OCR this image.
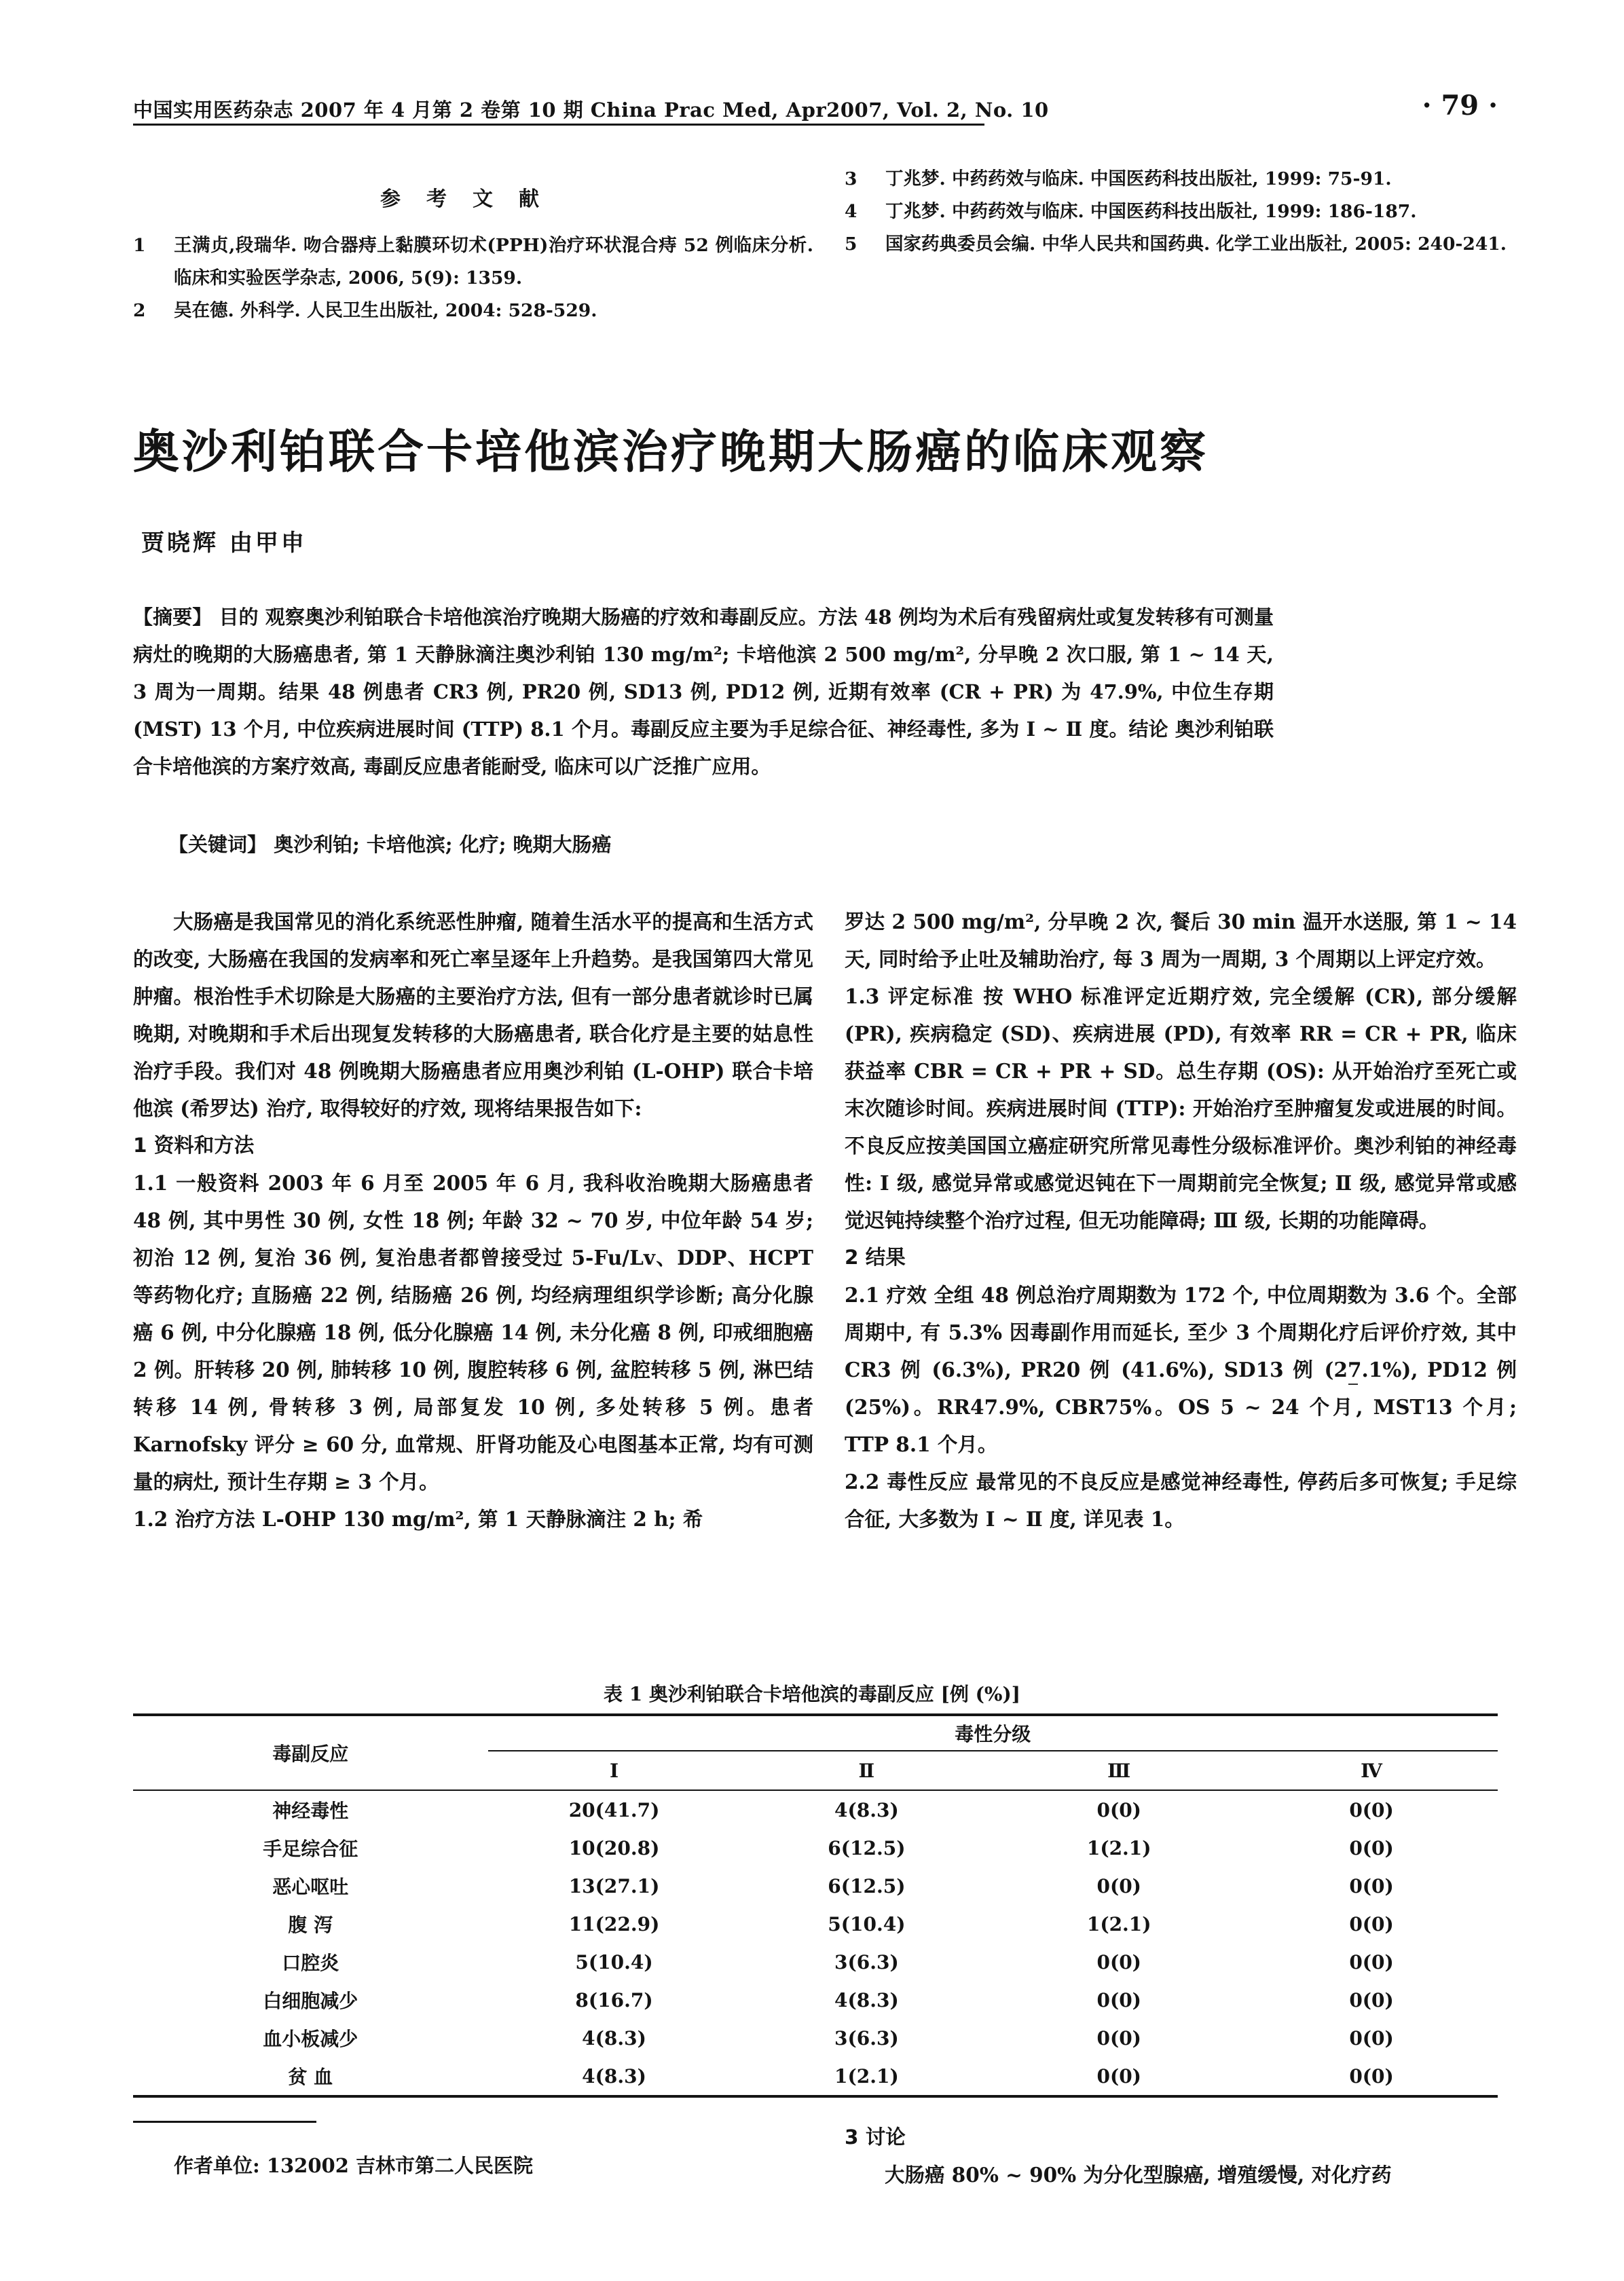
中国实用医药杂志 2007 年 4 月第 2 卷第 10 期 China Prac Med, Apr2007, Vol. 2, No. 10	· 79 ·
参考文献
1	王满贞,段瑞华. 吻合器痔上黏膜环切术(PPH)治疗环状混合痔 52 例临床分析. 临床和实验医学杂志, 2006, 5(9): 1359.
2	吴在德. 外科学. 人民卫生出版社, 2004: 528-529.
3	丁兆梦. 中药药效与临床. 中国医药科技出版社, 1999: 75-91.
4	丁兆梦. 中药药效与临床. 中国医药科技出版社, 1999: 186-187.
5	国家药典委员会编. 中华人民共和国药典. 化学工业出版社, 2005: 240-241.
奥沙利铂联合卡培他滨治疗晚期大肠癌的临床观察
贾晓辉 由甲申
【摘要】 目的 观察奥沙利铂联合卡培他滨治疗晚期大肠癌的疗效和毒副反应。方法 48 例均为术后有残留病灶或复发转移有可测量病灶的晚期的大肠癌患者, 第 1 天静脉滴注奥沙利铂 130 mg/m²; 卡培他滨 2 500 mg/m², 分早晚 2 次口服, 第 1 ~ 14 天, 3 周为一周期。结果 48 例患者 CR3 例, PR20 例, SD13 例, PD12 例, 近期有效率 (CR + PR) 为 47.9%, 中位生存期 (MST) 13 个月, 中位疾病进展时间 (TTP) 8.1 个月。毒副反应主要为手足综合征、神经毒性, 多为 Ⅰ ~ Ⅱ 度。结论 奥沙利铂联合卡培他滨的方案疗效高, 毒副反应患者能耐受, 临床可以广泛推广应用。
【关键词】 奥沙利铂; 卡培他滨; 化疗; 晚期大肠癌

大肠癌是我国常见的消化系统恶性肿瘤, 随着生活水平的提高和生活方式的改变, 大肠癌在我国的发病率和死亡率呈逐年上升趋势。是我国第四大常见肿瘤。根治性手术切除是大肠癌的主要治疗方法, 但有一部分患者就诊时已属晚期, 对晚期和手术后出现复发转移的大肠癌患者, 联合化疗是主要的姑息性治疗手段。我们对 48 例晚期大肠癌患者应用奥沙利铂 (L-OHP) 联合卡培他滨 (希罗达) 治疗, 取得较好的疗效, 现将结果报告如下:

1 资料和方法

1.1 一般资料 2003 年 6 月至 2005 年 6 月, 我科收治晚期大肠癌患者 48 例, 其中男性 30 例, 女性 18 例; 年龄 32 ~ 70 岁, 中位年龄 54 岁; 初治 12 例, 复治 36 例, 复治患者都曾接受过 5-Fu/Lv、DDP、HCPT 等药物化疗; 直肠癌 22 例, 结肠癌 26 例, 均经病理组织学诊断; 高分化腺癌 6 例, 中分化腺癌 18 例, 低分化腺癌 14 例, 未分化癌 8 例, 印戒细胞癌 2 例。肝转移 20 例, 肺转移 10 例, 腹腔转移 6 例, 盆腔转移 5 例, 淋巴结转移 14 例, 骨转移 3 例, 局部复发 10 例, 多处转移 5 例。患者 Karnofsky 评分 ≥ 60 分, 血常规、肝肾功能及心电图基本正常, 均有可测量的病灶, 预计生存期 ≥ 3 个月。

1.2 治疗方法 L-OHP 130 mg/m², 第 1 天静脉滴注 2 h; 希

罗达 2 500 mg/m², 分早晚 2 次, 餐后 30 min 温开水送服, 第 1 ~ 14 天, 同时给予止吐及辅助治疗, 每 3 周为一周期, 3 个周期以上评定疗效。

1.3 评定标准 按 WHO 标准评定近期疗效, 完全缓解 (CR), 部分缓解 (PR), 疾病稳定 (SD)、疾病进展 (PD), 有效率 RR = CR + PR, 临床获益率 CBR = CR + PR + SD。总生存期 (OS): 从开始治疗至死亡或末次随诊时间。疾病进展时间 (TTP): 开始治疗至肿瘤复发或进展的时间。不良反应按美国国立癌症研究所常见毒性分级标准评价。奥沙利铂的神经毒性: Ⅰ 级, 感觉异常或感觉迟钝在下一周期前完全恢复; Ⅱ 级, 感觉异常或感觉迟钝持续整个治疗过程, 但无功能障碍; Ⅲ 级, 长期的功能障碍。

2 结果

2.1 疗效 全组 48 例总治疗周期数为 172 个, 中位周期数为 3.6 个。全部周期中, 有 5.3% 因毒副作用而延长, 至少 3 个周期化疗后评价疗效, 其中 CR3 例 (6.3%), PR20 例 (41.6%), SD13 例 (27.1%), PD12 例 (25%)。RR47.9%, CBR75%。OS 5 ~ 24 个月, MST13 个月; TTP 8.1 个月。

2.2 毒性反应 最常见的不良反应是感觉神经毒性, 停药后多可恢复; 手足综合征, 大多数为 Ⅰ ~ Ⅱ 度, 详见表 1。

表 1 奥沙利铂联合卡培他滨的毒副反应 [例 (%)]
毒副反应	毒性分级			
	Ⅰ	Ⅱ	Ⅲ	Ⅳ
神经毒性	20(41.7)	4(8.3)	0(0)	0(0)
手足综合征	10(20.8)	6(12.5)	1(2.1)	0(0)
恶心呕吐	13(27.1)	6(12.5)	0(0)	0(0)
腹 泻	11(22.9)	5(10.4)	1(2.1)	0(0)
口腔炎	5(10.4)	3(6.3)	0(0)	0(0)
白细胞减少	8(16.7)	4(8.3)	0(0)	0(0)
血小板减少	4(8.3)	3(6.3)	0(0)	0(0)
贫 血	4(8.3)	1(2.1)	0(0)	0(0)
作者单位: 132002 吉林市第二人民医院
3 讨论
大肠癌 80% ~ 90% 为分化型腺癌, 增殖缓慢, 对化疗药
